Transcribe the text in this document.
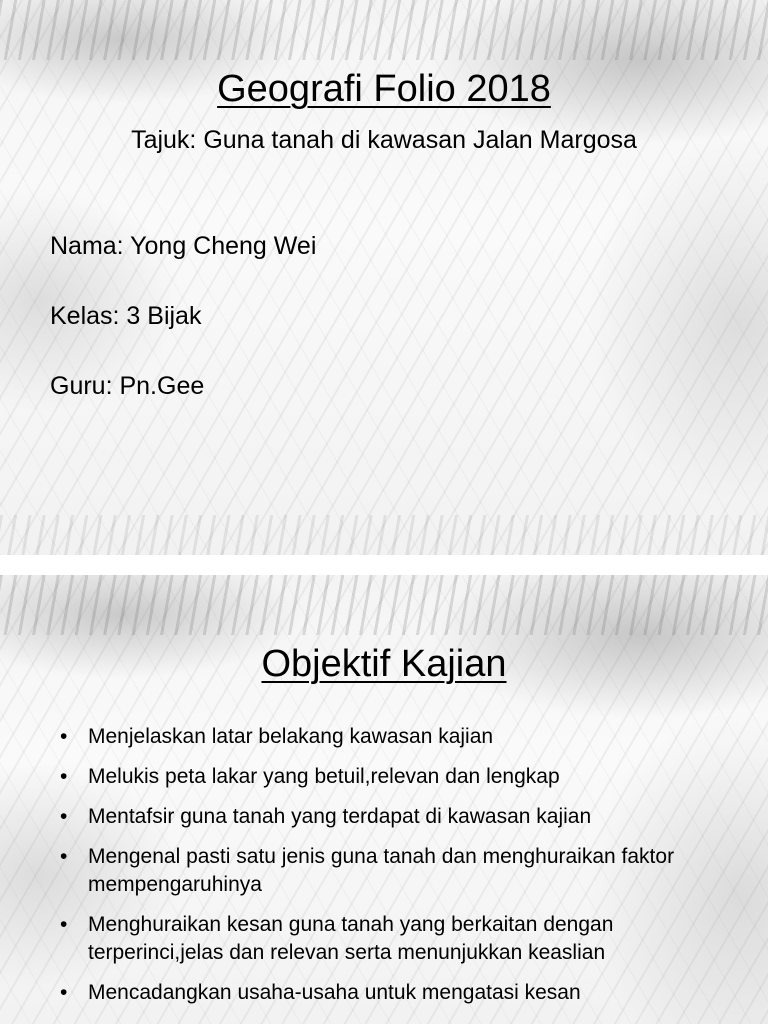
Geografi Folio 2018

Tajuk: Guna tanah di kawasan Jalan Margosa

Nama: Yong Cheng Wei

Kelas: 3 Bijak

Guru: Pn.Gee

Objektif Kajian
• Menjelaskan latar belakang kawasan kajian
• Melukis peta lakar yang betuil,relevan dan lengkap
• Mentafsir guna tanah yang terdapat di kawasan kajian
• Mengenal pasti satu jenis guna tanah dan menghuraikan faktor mempengaruhinya
• Menghuraikan kesan guna tanah yang berkaitan dengan terperinci,jelas dan relevan serta menunjukkan keaslian
• Mencadangkan usaha-usaha untuk mengatasi kesan
